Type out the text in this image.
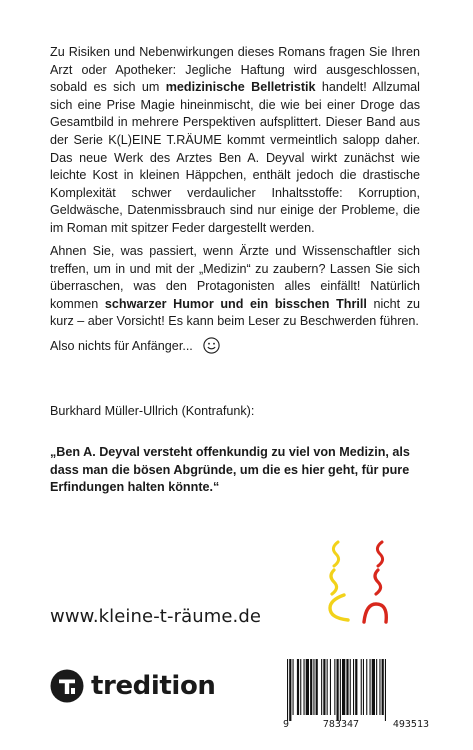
Zu Risiken und Nebenwirkungen dieses Romans fragen Sie Ihren Arzt oder Apotheker: Jegliche Haftung wird ausgeschlossen, sobald es sich um medizinische Belletristik handelt! Allzumal sich eine Prise Magie hineinmischt, die wie bei einer Droge das Gesamtbild in mehrere Perspektiven aufsplittert. Dieser Band aus der Serie K(L)EINE T.RÄUME kommt vermeintlich salopp daher. Das neue Werk des Arztes Ben A. Deyval wirkt zunächst wie leichte Kost in kleinen Häppchen, enthält jedoch die drastische Komplexität schwer verdaulicher Inhaltsstoffe: Korruption, Geldwäsche, Datenmissbrauch sind nur einige der Probleme, die im Roman mit spitzer Feder dargestellt werden.

Ahnen Sie, was passiert, wenn Ärzte und Wissenschaftler sich treffen, um in und mit der „Medizin“ zu zaubern? Lassen Sie sich überraschen, was den Protagonisten alles einfällt! Natürlich kommen schwarzer Humor und ein bisschen Thrill nicht zu kurz – aber Vorsicht! Es kann beim Leser zu Beschwerden führen.

Also nichts für Anfänger...

Burkhard Müller-Ullrich (Kontrafunk):

„Ben A. Deyval versteht offenkundig zu viel von Medizin, als dass man die bösen Abgründe, um die es hier geht, für pure Erfindungen halten könnte.“

www.kleine-t-räume.de
tredition
9	783347	493513
